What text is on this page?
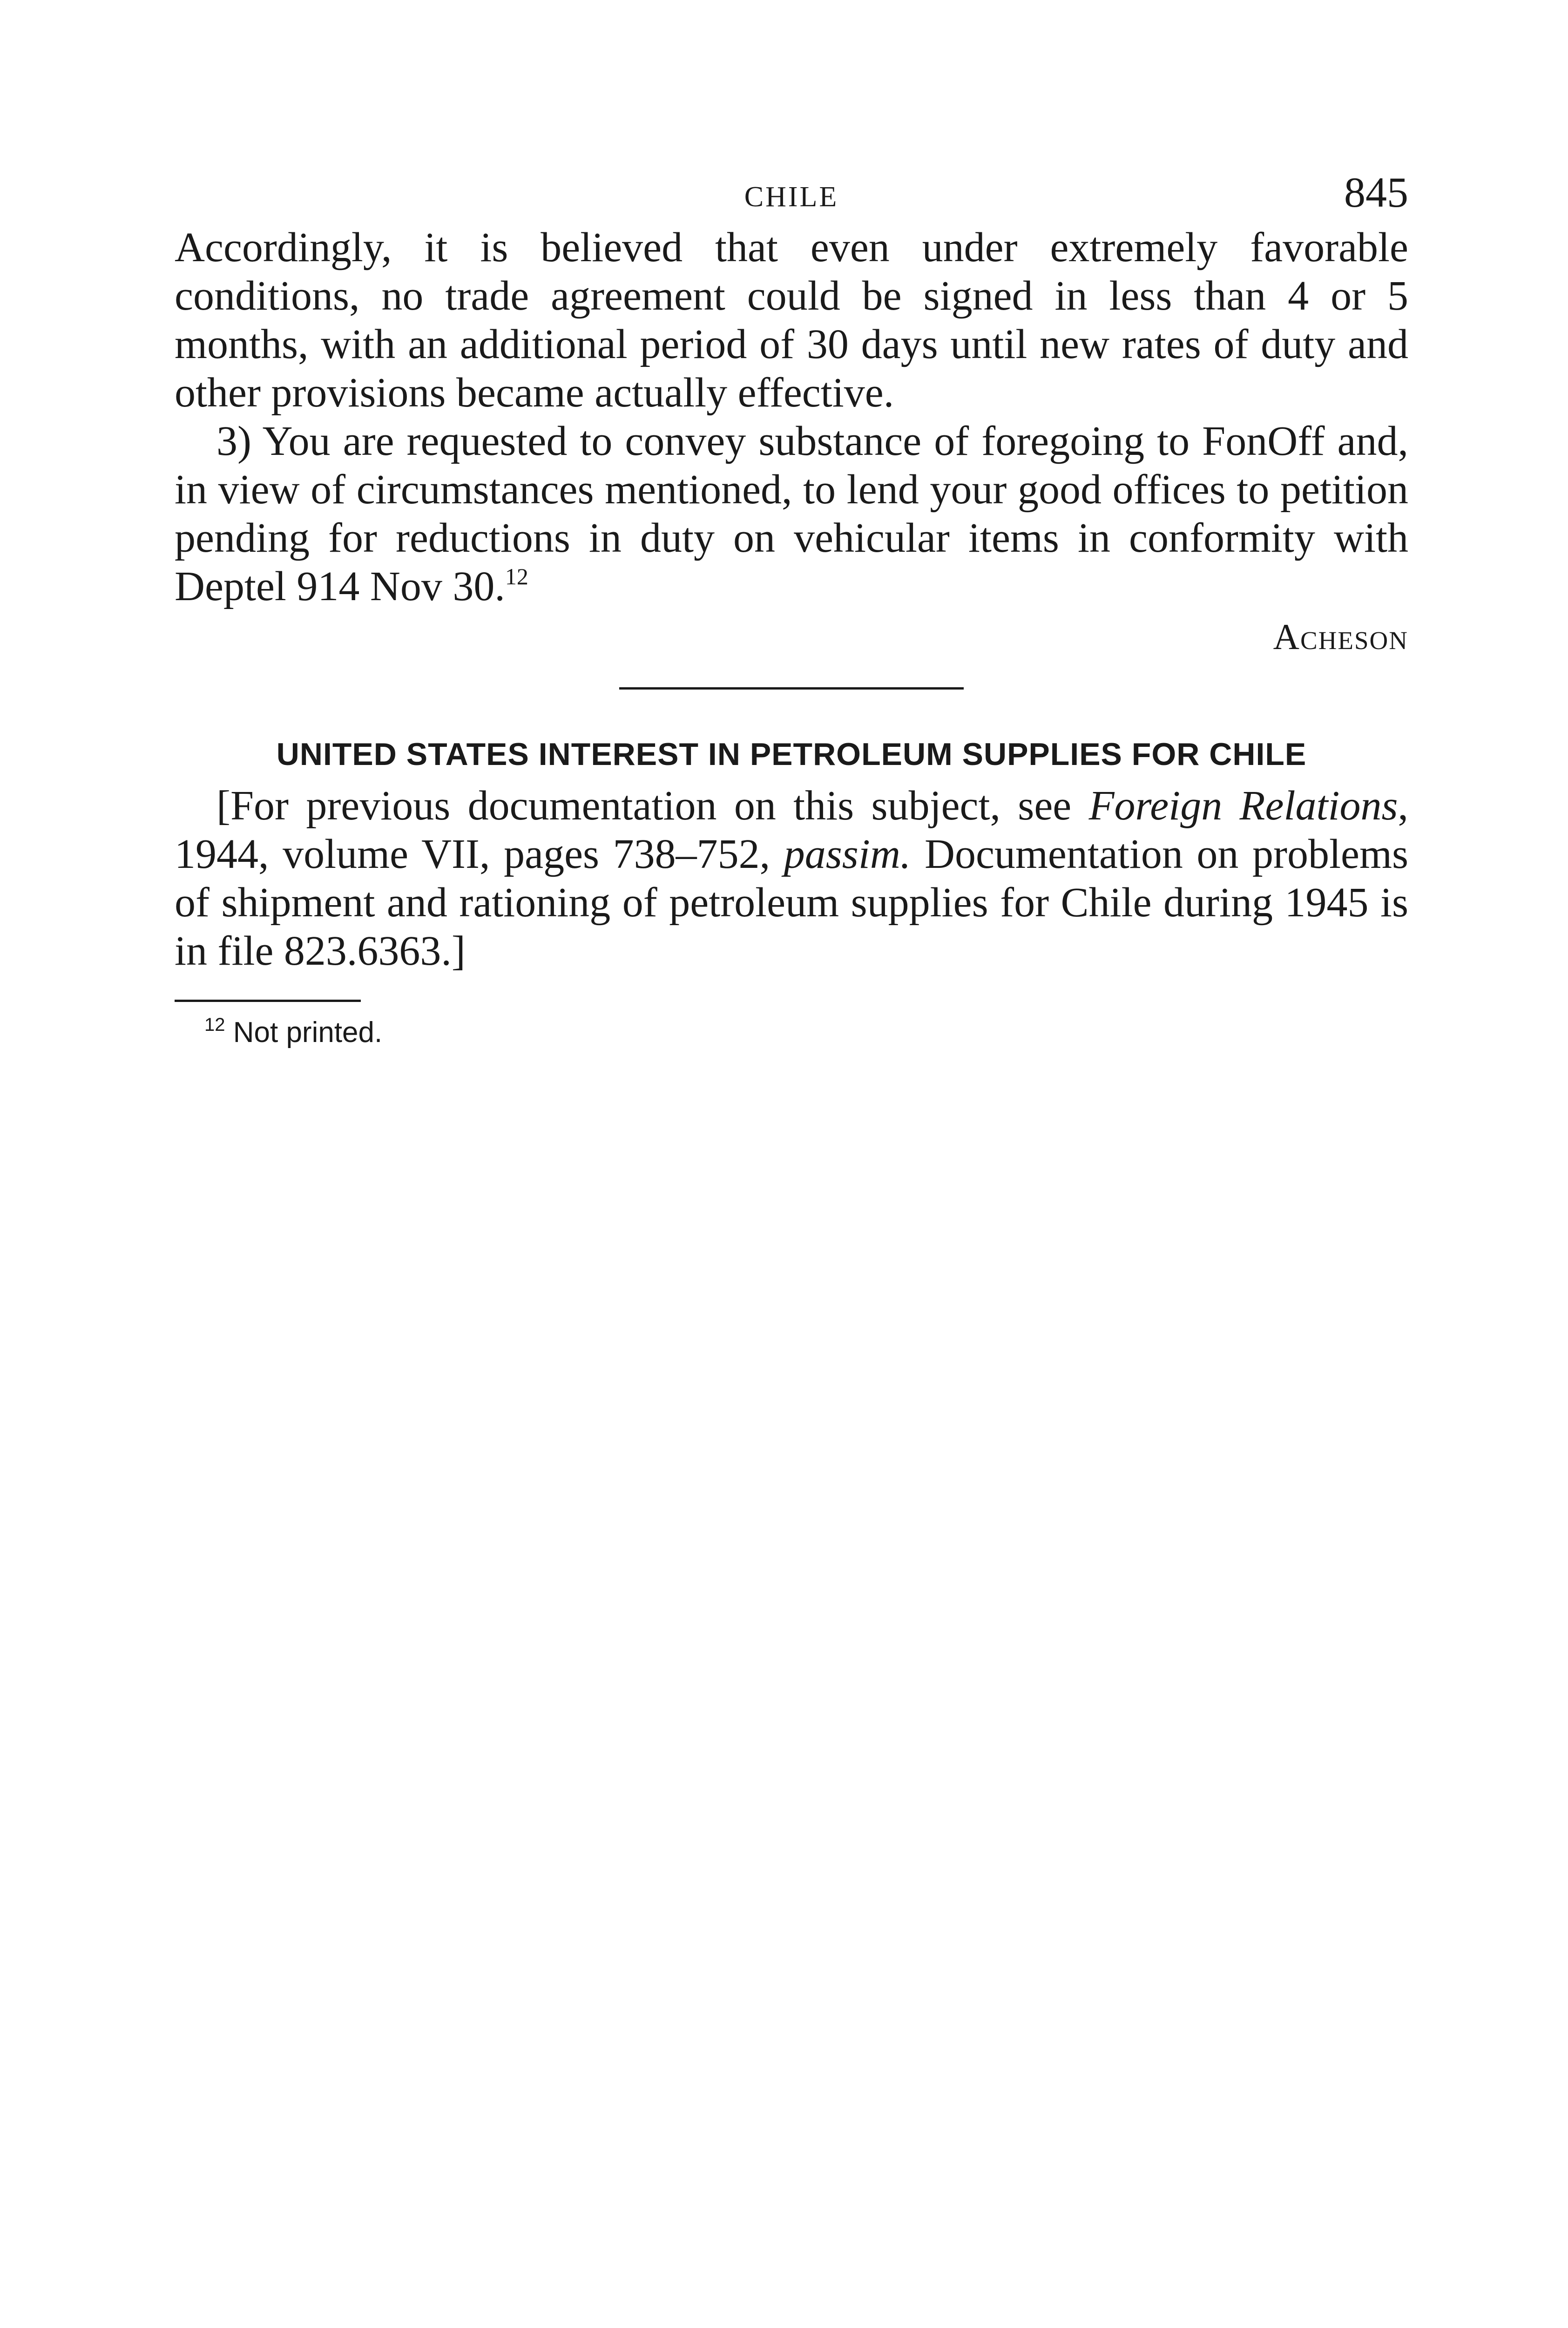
CHILE	845

Accordingly, it is believed that even under extremely favorable conditions, no trade agreement could be signed in less than 4 or 5 months, with an additional period of 30 days until new rates of duty and other provisions became actually effective.

3) You are requested to convey substance of foregoing to FonOff and, in view of circumstances mentioned, to lend your good offices to petition pending for reductions in duty on vehicular items in conformity with Deptel 914 Nov 30.12

Acheson
UNITED STATES INTEREST IN PETROLEUM SUPPLIES FOR CHILE

[For previous documentation on this subject, see Foreign Relations, 1944, volume VII, pages 738–752, passim. Documentation on problems of shipment and rationing of petroleum supplies for Chile during 1945 is in file 823.6363.]

$^{12}$ Not printed.
